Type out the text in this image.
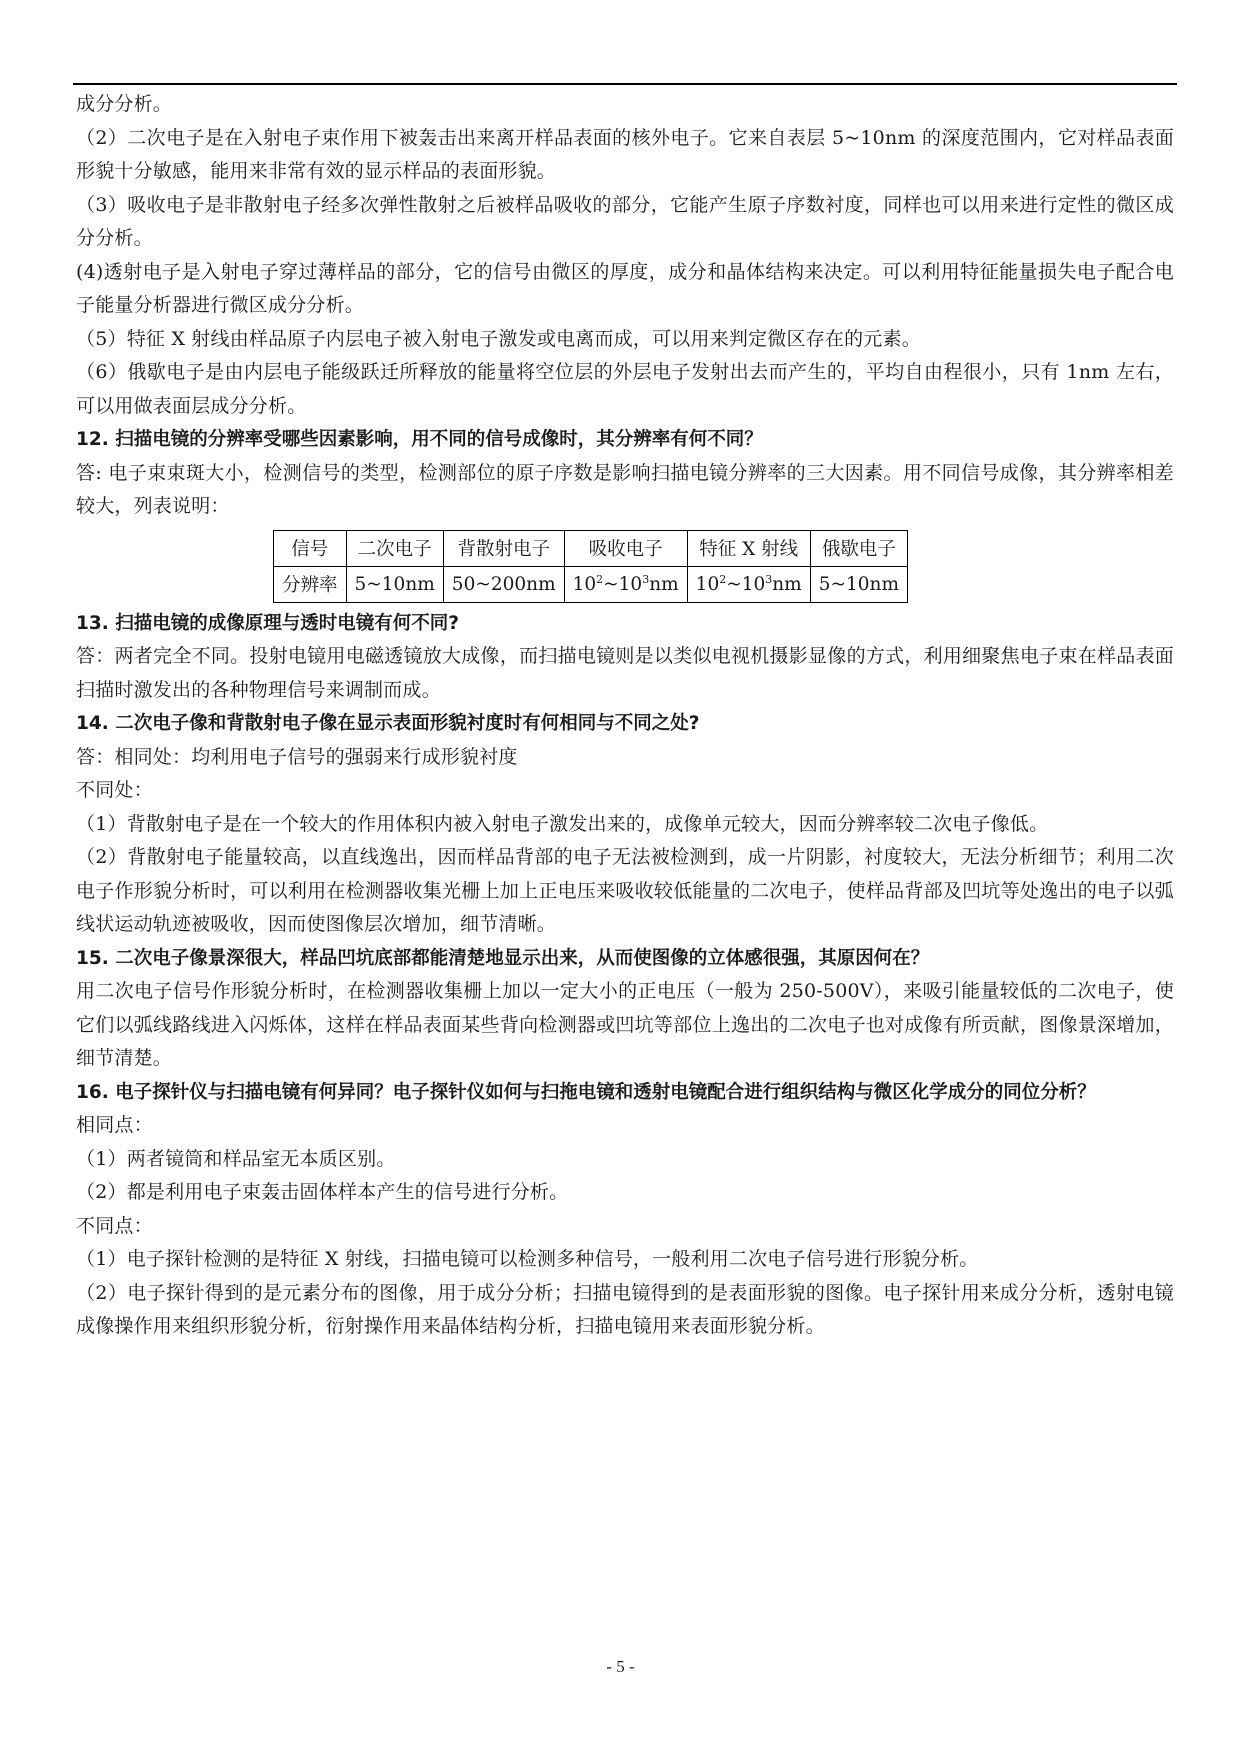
成分分析。

（2）二次电子是在入射电子束作用下被轰击出来离开样品表面的核外电子。它来自表层 5~10nm 的深度范围内，它对样品表面形貌十分敏感，能用来非常有效的显示样品的表面形貌。

（3）吸收电子是非散射电子经多次弹性散射之后被样品吸收的部分，它能产生原子序数衬度，同样也可以用来进行定性的微区成分分析。

(4)透射电子是入射电子穿过薄样品的部分，它的信号由微区的厚度，成分和晶体结构来决定。可以利用特征能量损失电子配合电子能量分析器进行微区成分分析。

（5）特征 X 射线由样品原子内层电子被入射电子激发或电离而成，可以用来判定微区存在的元素。

（6）俄歇电子是由内层电子能级跃迁所释放的能量将空位层的外层电子发射出去而产生的，平均自由程很小，只有 1nm 左右，可以用做表面层成分分析。

12. 扫描电镜的分辨率受哪些因素影响，用不同的信号成像时，其分辨率有何不同？

答: 电子束束斑大小，检测信号的类型，检测部位的原子序数是影响扫描电镜分辨率的三大因素。用不同信号成像，其分辨率相差较大，列表说明：

信号	二次电子	背散射电子	吸收电子	特征 X 射线	俄歇电子
分辨率	5~10nm	50~200nm	$10^2\sim 10^3nm$	$10^2\sim 10^3nm$	5~10nm

13. 扫描电镜的成像原理与透时电镜有何不同?

答：两者完全不同。投射电镜用电磁透镜放大成像，而扫描电镜则是以类似电视机摄影显像的方式，利用细聚焦电子束在样品表面扫描时激发出的各种物理信号来调制而成。

14. 二次电子像和背散射电子像在显示表面形貌衬度时有何相同与不同之处?

答：相同处：均利用电子信号的强弱来行成形貌衬度

不同处：

（1）背散射电子是在一个较大的作用体积内被入射电子激发出来的，成像单元较大，因而分辨率较二次电子像低。

（2）背散射电子能量较高，以直线逸出，因而样品背部的电子无法被检测到，成一片阴影，衬度较大，无法分析细节；利用二次电子作形貌分析时，可以利用在检测器收集光栅上加上正电压来吸收较低能量的二次电子，使样品背部及凹坑等处逸出的电子以弧线状运动轨迹被吸收，因而使图像层次增加，细节清晰。

15. 二次电子像景深很大，样品凹坑底部都能清楚地显示出来，从而使图像的立体感很强，其原因何在？

用二次电子信号作形貌分析时，在检测器收集栅上加以一定大小的正电压（一般为 250-500V），来吸引能量较低的二次电子，使它们以弧线路线进入闪烁体，这样在样品表面某些背向检测器或凹坑等部位上逸出的二次电子也对成像有所贡献，图像景深增加，细节清楚。

16. 电子探针仪与扫描电镜有何异同？电子探针仪如何与扫拖电镜和透射电镜配合进行组织结构与微区化学成分的同位分析？

相同点：

（1）两者镜筒和样品室无本质区别。

（2）都是利用电子束轰击固体样本产生的信号进行分析。

不同点：

（1）电子探针检测的是特征 X 射线，扫描电镜可以检测多种信号，一般利用二次电子信号进行形貌分析。

（2）电子探针得到的是元素分布的图像，用于成分分析；扫描电镜得到的是表面形貌的图像。电子探针用来成分分析，透射电镜成像操作用来组织形貌分析，衍射操作用来晶体结构分析，扫描电镜用来表面形貌分析。

- 5 -
